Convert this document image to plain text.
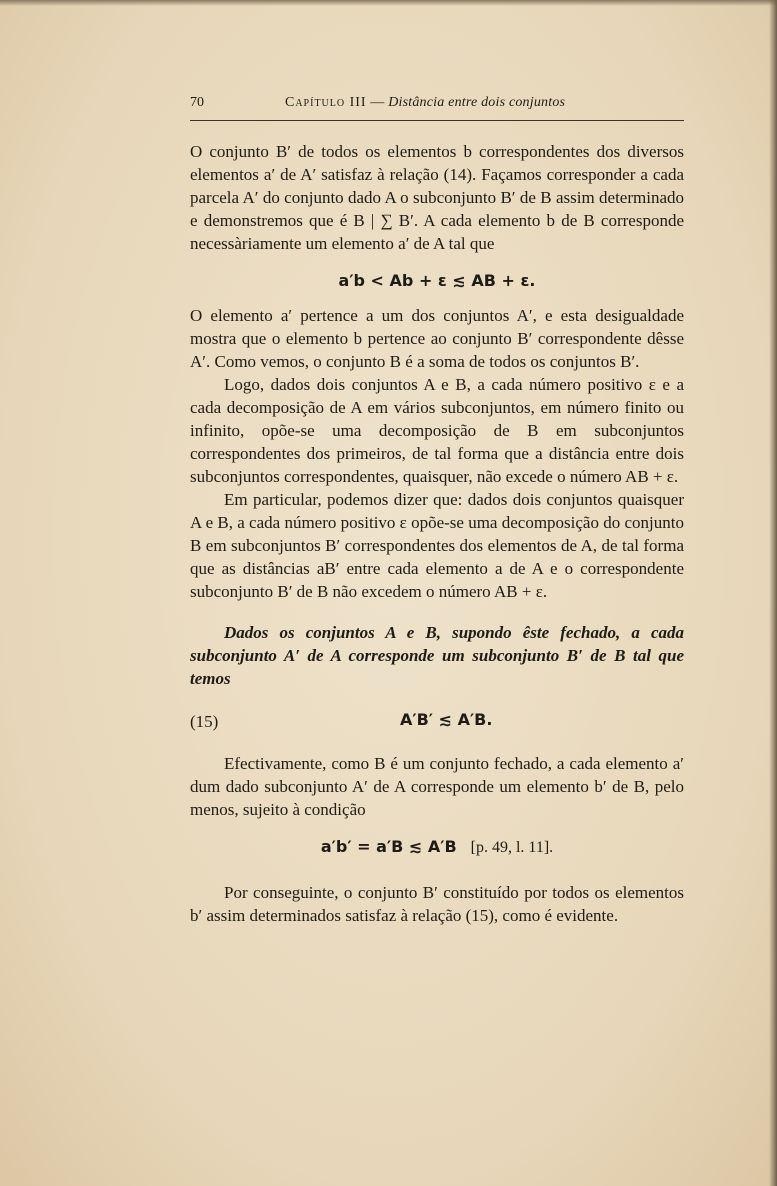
70	Capítulo III — Distância entre dois conjuntos

O conjunto B′ de todos os elementos b correspondentes dos diversos elementos a′ de A′ satisfaz à relação (14). Façamos corresponder a cada parcela A′ do conjunto dado A o subconjunto B′ de B assim determinado e demonstremos que é B | ∑ B′. A cada elemento b de B corresponde necessàriamente um elemento a′ de A tal que

a′b < Ab + ε ≲ AB + ε.

O elemento a′ pertence a um dos conjuntos A′, e esta desigualdade mostra que o elemento b pertence ao conjunto B′ correspondente dêsse A′. Como vemos, o conjunto B é a soma de todos os conjuntos B′.

Logo, dados dois conjuntos A e B, a cada número positivo ε e a cada decomposição de A em vários subconjuntos, em número finito ou infinito, opõe-se uma decomposição de B em subconjuntos correspondentes dos primeiros, de tal forma que a distância entre dois subconjuntos correspondentes, quaisquer, não excede o número AB + ε.

Em particular, podemos dizer que: dados dois conjuntos quaisquer A e B, a cada número positivo ε opõe-se uma decomposição do conjunto B em subconjuntos B′ correspondentes dos elementos de A, de tal forma que as distâncias aB′ entre cada elemento a de A e o correspondente subconjunto B′ de B não excedem o número AB + ε.

Dados os conjuntos A e B, supondo êste fechado, a cada subconjunto A′ de A corresponde um subconjunto B′ de B tal que temos

(15)	A′B′ ≲ A′B.

Efectivamente, como B é um conjunto fechado, a cada elemento a′ dum dado subconjunto A′ de A corresponde um elemento b′ de B, pelo menos, sujeito à condição

a′b′ = a′B ≲ A′B [p. 49, l. 11].

Por conseguinte, o conjunto B′ constituído por todos os elementos b′ assim determinados satisfaz à relação (15), como é evidente.
